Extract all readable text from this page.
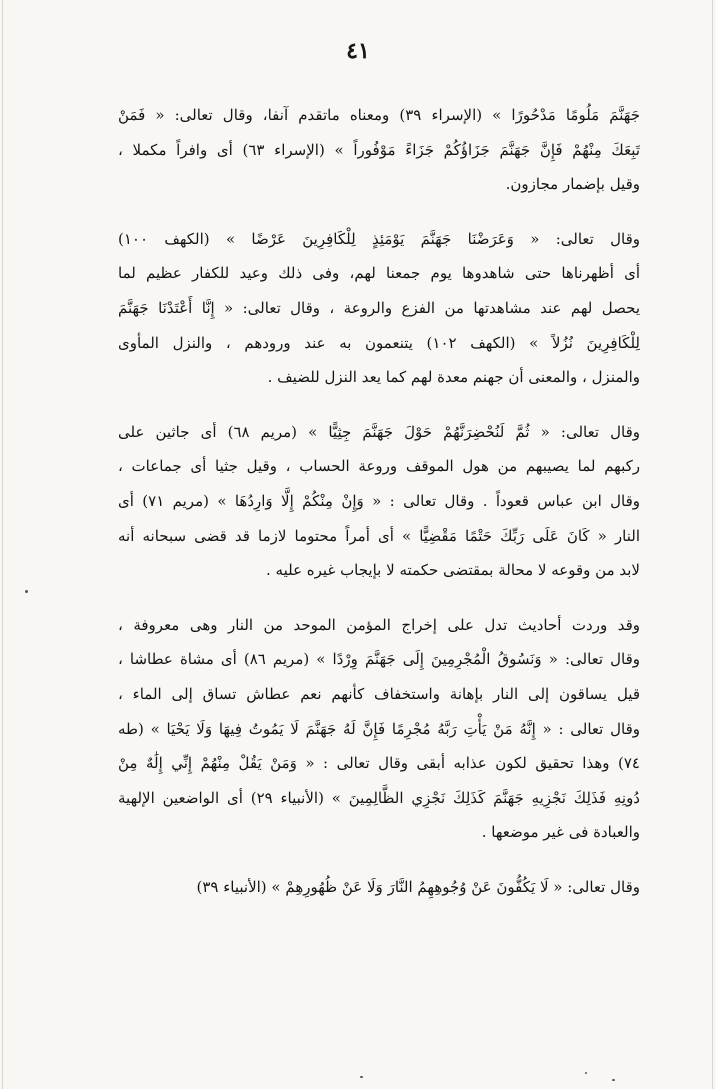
٤١
جَهَنَّمَ مَلُومًا مَدْحُورًا » (الإسراء ٣٩) ومعناه ماتقدم آنفا، وقال تعالى: « فَمَنْ
تَبِعَكَ مِنْهُمْ فَإِنَّ جَهَنَّمَ جَزَاؤُكُمْ جَزَاءً مَوْفُوراً » (الإسراء ٦٣) أى وافراً مكملا ،
وقيل بإضمار مجازون.
وقال تعالى: « وَعَرَضْنَا جَهَنَّمَ يَوْمَئِذٍ لِلْكَافِرِينَ عَرْضًا » (الكهف ١٠٠)
أى أظهرناها حتى شاهدوها يوم جمعنا لهم، وفى ذلك وعيد للكفار عظيم لما
يحصل لهم عند مشاهدتها من الفزع والروعة ، وقال تعالى: « إِنَّا أَعْتَدْنَا جَهَنَّمَ
لِلْكَافِرِينَ نُزُلاً » (الكهف ١٠٢) يتنعمون به عند ورودهم ، والنزل المأوى
والمنزل ، والمعنى أن جهنم معدة لهم كما يعد النزل للضيف .
وقال تعالى: « ثُمَّ لَنُحْضِرَنَّهُمْ حَوْلَ جَهَنَّمَ جِثِيًّا » (مريم ٦٨) أى جاثين على
ركبهم لما يصيبهم من هول الموقف وروعة الحساب ، وقيل جثيا أى جماعات ،
وقال ابن عباس قعوداً . وقال تعالى : « وَإِنْ مِنْكُمْ إِلَّا وَارِدُهَا » (مريم ٧١) أى
النار « كَانَ عَلَى رَبِّكَ حَتْمًا مَقْضِيًّا » أى أمراً محتوما لازما قد قضى سبحانه أنه
لابد من وقوعه لا محالة بمقتضى حكمته لا بإيجاب غيره عليه .
وقد وردت أحاديث تدل على إخراج المؤمن الموحد من النار وهى معروفة ،
وقال تعالى: « وَنَسُوقُ الْمُجْرِمِينَ إِلَى جَهَنَّمَ وِرْدًا » (مريم ٨٦) أى مشاة عطاشا ،
قيل يساقون إلى النار بإهانة واستخفاف كأنهم نعم عطاش تساق إلى الماء ،
وقال تعالى : « إِنَّهُ مَنْ يَأْتِ رَبَّهُ مُجْرِمًا فَإِنَّ لَهُ جَهَنَّمَ لَا يَمُوتُ فِيهَا وَلَا يَحْيَا » (طه
٧٤) وهذا تحقيق لكون عذابه أبقى وقال تعالى : « وَمَنْ يَقُلْ مِنْهُمْ إِنِّي إِلَٰهٌ مِنْ
دُونِهِ فَذَلِكَ نَجْزِيهِ جَهَنَّمَ كَذَلِكَ نَجْزِي الظَّالِمِينَ » (الأنبياء ٢٩) أى الواضعين الإلهية
والعبادة فى غير موضعها .
وقال تعالى: « لَا يَكُفُّونَ عَنْ وُجُوهِهِمُ النَّارَ وَلَا عَنْ ظُهُورِهِمْ » (الأنبياء ٣٩)
